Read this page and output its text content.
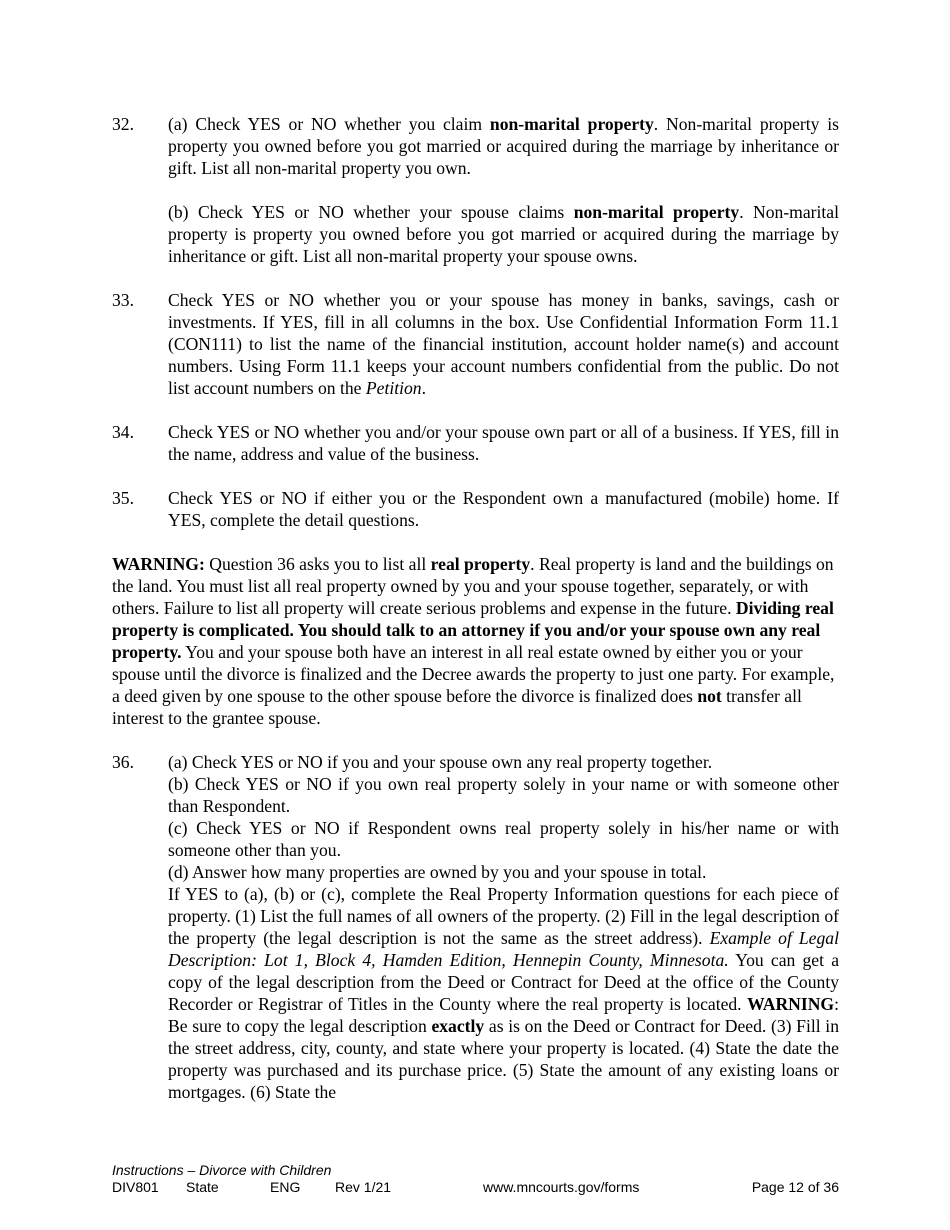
32.	(a) Check YES or NO whether you claim non-marital property. Non-marital property is property you owned before you got married or acquired during the marriage by inheritance or gift. List all non-marital property you own.

(b) Check YES or NO whether your spouse claims non-marital property. Non-marital property is property you owned before you got married or acquired during the marriage by inheritance or gift. List all non-marital property your spouse owns.

33.	Check YES or NO whether you or your spouse has money in banks, savings, cash or investments. If YES, fill in all columns in the box. Use Confidential Information Form 11.1 (CON111) to list the name of the financial institution, account holder name(s) and account numbers. Using Form 11.1 keeps your account numbers confidential from the public. Do not list account numbers on the Petition.

34.	Check YES or NO whether you and/or your spouse own part or all of a business. If YES, fill in the name, address and value of the business.

35.	Check YES or NO if either you or the Respondent own a manufactured (mobile) home. If YES, complete the detail questions.

WARNING: Question 36 asks you to list all real property. Real property is land and the buildings on the land. You must list all real property owned by you and your spouse together, separately, or with others. Failure to list all property will create serious problems and expense in the future. Dividing real property is complicated. You should talk to an attorney if you and/or your spouse own any real property. You and your spouse both have an interest in all real estate owned by either you or your spouse until the divorce is finalized and the Decree awards the property to just one party. For example, a deed given by one spouse to the other spouse before the divorce is finalized does not transfer all interest to the grantee spouse.

36.	(a) Check YES or NO if you and your spouse own any real property together.

(b) Check YES or NO if you own real property solely in your name or with someone other than Respondent.

(c) Check YES or NO if Respondent owns real property solely in his/her name or with someone other than you.

(d) Answer how many properties are owned by you and your spouse in total.

If YES to (a), (b) or (c), complete the Real Property Information questions for each piece of property. (1) List the full names of all owners of the property. (2) Fill in the legal description of the property (the legal description is not the same as the street address). Example of Legal Description: Lot 1, Block 4, Hamden Edition, Hennepin County, Minnesota. You can get a copy of the legal description from the Deed or Contract for Deed at the office of the County Recorder or Registrar of Titles in the County where the real property is located. WARNING: Be sure to copy the legal description exactly as is on the Deed or Contract for Deed. (3) Fill in the street address, city, county, and state where your property is located. (4) State the date the property was purchased and its purchase price. (5) State the amount of any existing loans or mortgages. (6) State the

Instructions – Divorce with Children
DIV801 State	ENG Rev 1/21	www.mncourts.gov/forms	Page 12 of 36
